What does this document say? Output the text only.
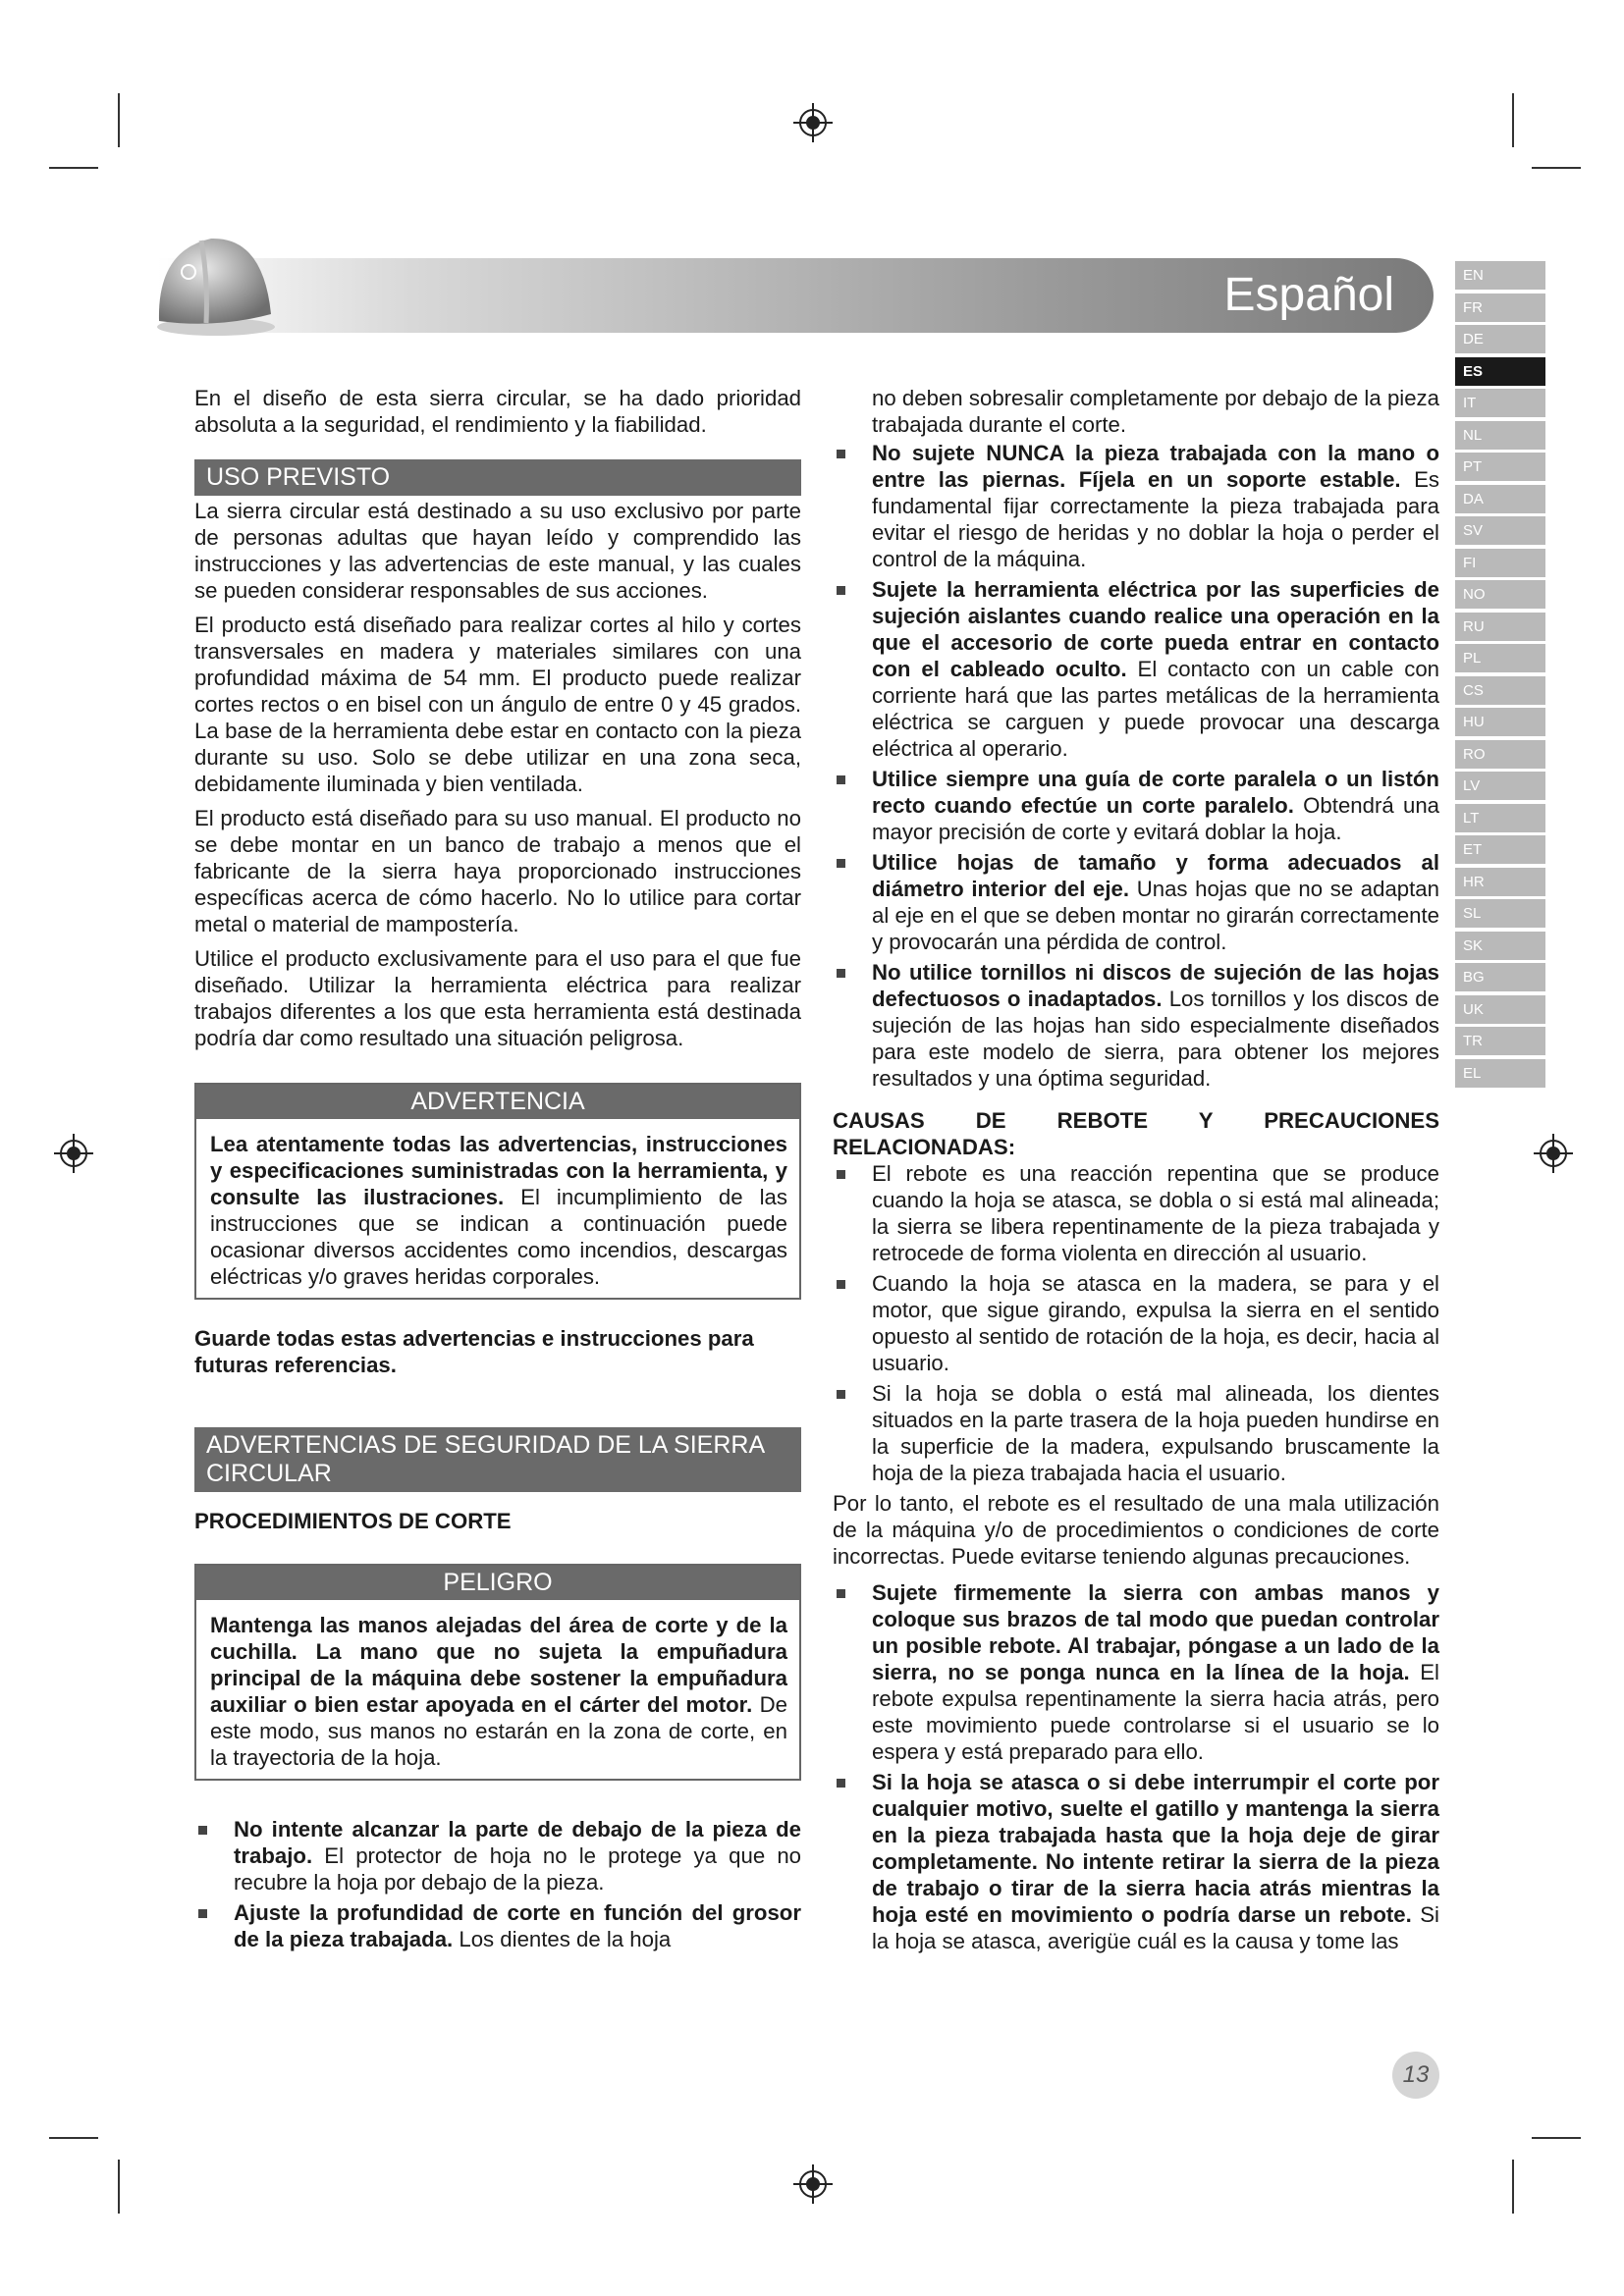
Español	EN
FR
DE
ES
IT
NL
PT
DA
SV
FI
NO
RU
PL
CS
HU
RO
LV
LT
ET
HR
SL
SK
BG
UK
TR
EL

En el diseño de esta sierra circular, se ha dado prioridad absoluta a la seguridad, el rendimiento y la fiabilidad.

USO PREVISTO

La sierra circular está destinado a su uso exclusivo por parte de personas adultas que hayan leído y comprendido las instrucciones y las advertencias de este manual, y las cuales se pueden considerar responsables de sus acciones.

El producto está diseñado para realizar cortes al hilo y cortes transversales en madera y materiales similares con una profundidad máxima de 54 mm. El producto puede realizar cortes rectos o en bisel con un ángulo de entre 0 y 45 grados. La base de la herramienta debe estar en contacto con la pieza durante su uso. Solo se debe utilizar en una zona seca, debidamente iluminada y bien ventilada.

El producto está diseñado para su uso manual. El producto no se debe montar en un banco de trabajo a menos que el fabricante de la sierra haya proporcionado instrucciones específicas acerca de cómo hacerlo. No lo utilice para cortar metal o material de mampostería.

Utilice el producto exclusivamente para el uso para el que fue diseñado. Utilizar la herramienta eléctrica para realizar trabajos diferentes a los que esta herramienta está destinada podría dar como resultado una situación peligrosa.

ADVERTENCIA

Lea atentamente todas las advertencias, instrucciones y especificaciones suministradas con la herramienta, y consulte las ilustraciones. El incumplimiento de las instrucciones que se indican a continuación puede ocasionar diversos accidentes como incendios, descargas eléctricas y/o graves heridas corporales.

Guarde todas estas advertencias e instrucciones para futuras referencias.

ADVERTENCIAS DE SEGURIDAD DE LA SIERRA CIRCULAR

PROCEDIMIENTOS DE CORTE

PELIGRO

Mantenga las manos alejadas del área de corte y de la cuchilla. La mano que no sujeta la empuñadura principal de la máquina debe sostener la empuñadura auxiliar o bien estar apoyada en el cárter del motor. De este modo, sus manos no estarán en la zona de corte, en la trayectoria de la hoja.

No intente alcanzar la parte de debajo de la pieza de trabajo. El protector de hoja no le protege ya que no recubre la hoja por debajo de la pieza.
Ajuste la profundidad de corte en función del grosor de la pieza trabajada. Los dientes de la hoja

no deben sobresalir completamente por debajo de la pieza trabajada durante el corte.

No sujete NUNCA la pieza trabajada con la mano o entre las piernas. Fíjela en un soporte estable. Es fundamental fijar correctamente la pieza trabajada para evitar el riesgo de heridas y no doblar la hoja o perder el control de la máquina.
Sujete la herramienta eléctrica por las superficies de sujeción aislantes cuando realice una operación en la que el accesorio de corte pueda entrar en contacto con el cableado oculto. El contacto con un cable con corriente hará que las partes metálicas de la herramienta eléctrica se carguen y puede provocar una descarga eléctrica al operario.
Utilice siempre una guía de corte paralela o un listón recto cuando efectúe un corte paralelo. Obtendrá una mayor precisión de corte y evitará doblar la hoja.
Utilice hojas de tamaño y forma adecuados al diámetro interior del eje. Unas hojas que no se adaptan al eje en el que se deben montar no girarán correctamente y provocarán una pérdida de control.
No utilice tornillos ni discos de sujeción de las hojas defectuosos o inadaptados. Los tornillos y los discos de sujeción de las hojas han sido especialmente diseñados para este modelo de sierra, para obtener los mejores resultados y una óptima seguridad.

CAUSAS DE REBOTE Y PRECAUCIONES RELACIONADAS:

El rebote es una reacción repentina que se produce cuando la hoja se atasca, se dobla o si está mal alineada; la sierra se libera repentinamente de la pieza trabajada y retrocede de forma violenta en dirección al usuario.
Cuando la hoja se atasca en la madera, se para y el motor, que sigue girando, expulsa la sierra en el sentido opuesto al sentido de rotación de la hoja, es decir, hacia al usuario.
Si la hoja se dobla o está mal alineada, los dientes situados en la parte trasera de la hoja pueden hundirse en la superficie de la madera, expulsando bruscamente la hoja de la pieza trabajada hacia el usuario.

Por lo tanto, el rebote es el resultado de una mala utilización de la máquina y/o de procedimientos o condiciones de corte incorrectas. Puede evitarse teniendo algunas precauciones.

Sujete firmemente la sierra con ambas manos y coloque sus brazos de tal modo que puedan controlar un posible rebote. Al trabajar, póngase a un lado de la sierra, no se ponga nunca en la línea de la hoja. El rebote expulsa repentinamente la sierra hacia atrás, pero este movimiento puede controlarse si el usuario se lo espera y está preparado para ello.
Si la hoja se atasca o si debe interrumpir el corte por cualquier motivo, suelte el gatillo y mantenga la sierra en la pieza trabajada hasta que la hoja deje de girar completamente. No intente retirar la sierra de la pieza de trabajo o tirar de la sierra hacia atrás mientras la hoja esté en movimiento o podría darse un rebote. Si la hoja se atasca, averigüe cuál es la causa y tome las
13
